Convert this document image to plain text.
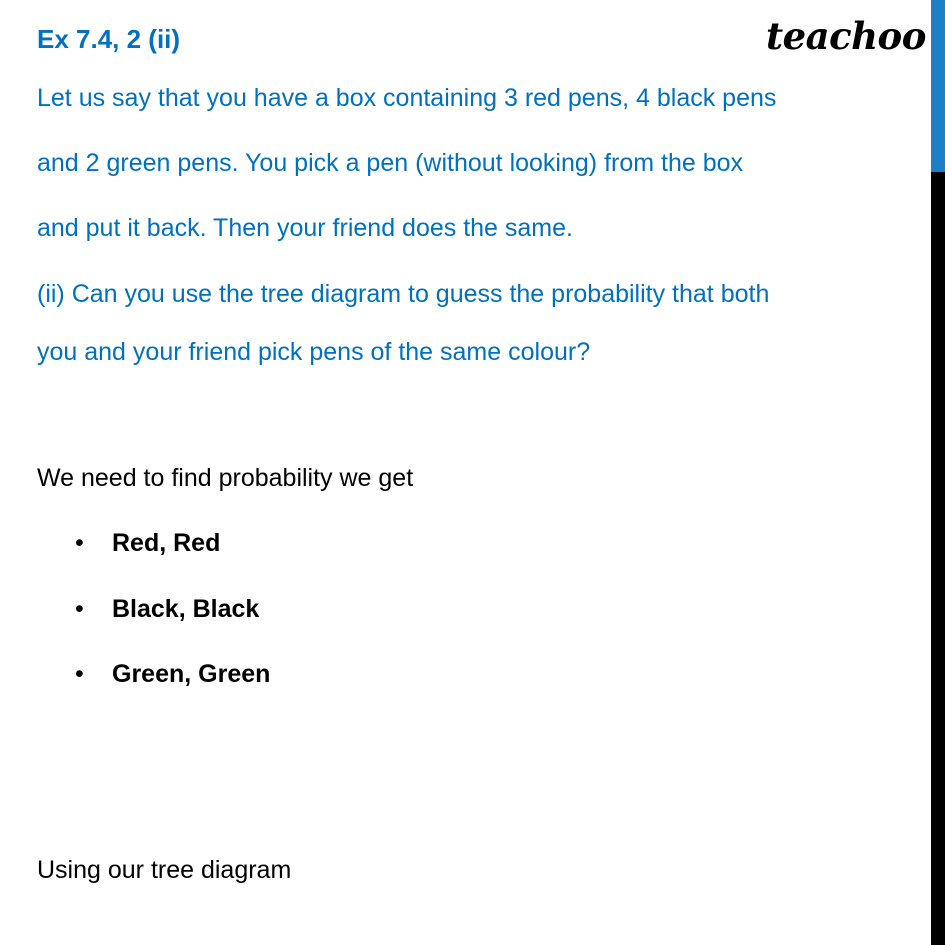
Ex 7.4, 2 (ii)	teachoo
Let us say that you have a box containing 3 red pens, 4 black pens
and 2 green pens. You pick a pen (without looking) from the box
and put it back. Then your friend does the same.
(ii) Can you use the tree diagram to guess the probability that both
you and your friend pick pens of the same colour?
We need to find probability we get
• Red, Red
• Black, Black
• Green, Green
Using our tree diagram
